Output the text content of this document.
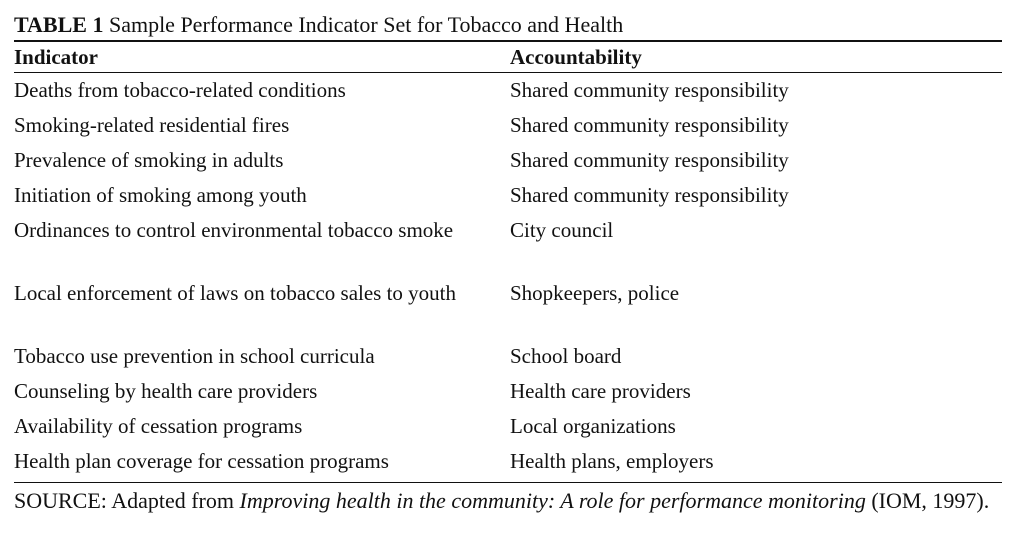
TABLE 1 Sample Performance Indicator Set for Tobacco and Health
Indicator	Accountability
Deaths from tobacco-related conditions	Shared community responsibility
Smoking-related residential fires	Shared community responsibility
Prevalence of smoking in adults	Shared community responsibility
Initiation of smoking among youth	Shared community responsibility
Ordinances to control environmental tobacco smoke	City council
Local enforcement of laws on tobacco sales to youth	Shopkeepers, police
Tobacco use prevention in school curricula	School board
Counseling by health care providers	Health care providers
Availability of cessation programs	Local organizations
Health plan coverage for cessation programs	Health plans, employers
SOURCE: Adapted from Improving health in the community: A role for performance monitoring (IOM, 1997).
